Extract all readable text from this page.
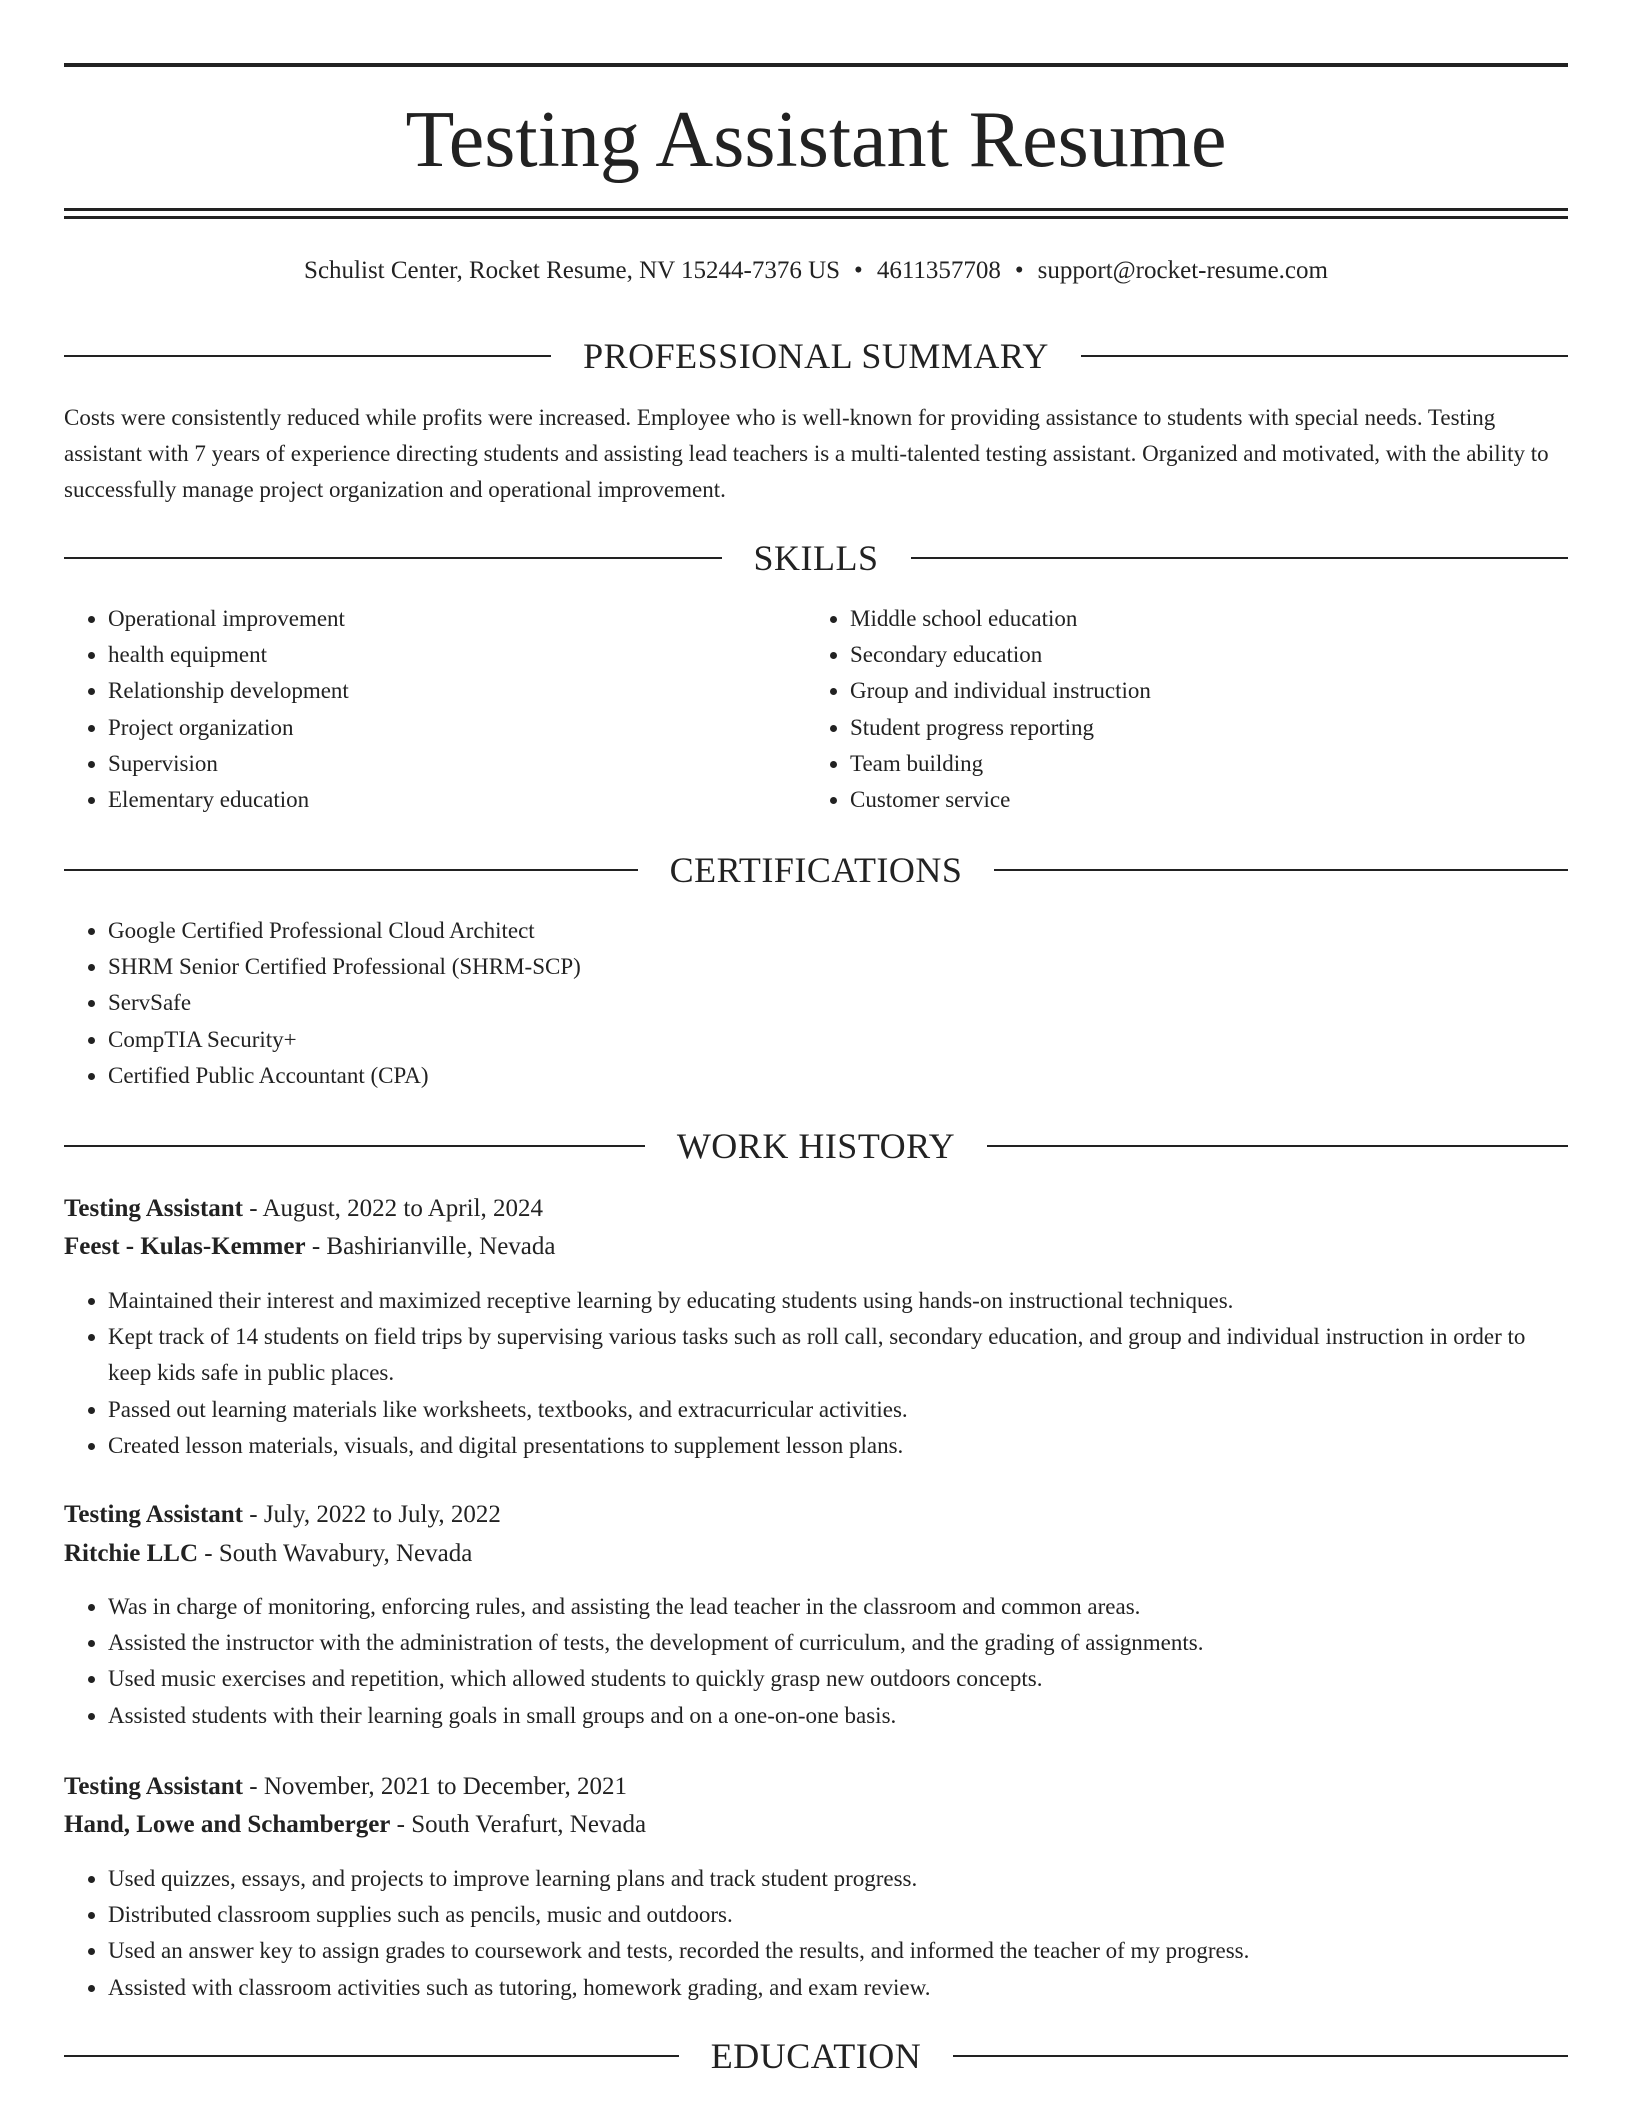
Testing Assistant Resume
Schulist Center, Rocket Resume, NV 15244-7376 US • 4611357708 • support@rocket-resume.com
PROFESSIONAL SUMMARY

Costs were consistently reduced while profits were increased. Employee who is well-known for providing assistance to students with special needs. Testing assistant with 7 years of experience directing students and assisting lead teachers is a multi-talented testing assistant. Organized and motivated, with the ability to successfully manage project organization and operational improvement.

SKILLS
• Operational improvement
• health equipment
• Relationship development
• Project organization
• Supervision
• Elementary education
• Middle school education
• Secondary education
• Group and individual instruction
• Student progress reporting
• Team building
• Customer service
CERTIFICATIONS
• Google Certified Professional Cloud Architect
• SHRM Senior Certified Professional (SHRM-SCP)
• ServSafe
• CompTIA Security+
• Certified Public Accountant (CPA)
WORK HISTORY
Testing Assistant - August, 2022 to April, 2024
Feest - Kulas-Kemmer - Bashirianville, Nevada
• Maintained their interest and maximized receptive learning by educating students using hands-on instructional techniques.
• Kept track of 14 students on field trips by supervising various tasks such as roll call, secondary education, and group and individual instruction in order to keep kids safe in public places.
• Passed out learning materials like worksheets, textbooks, and extracurricular activities.
• Created lesson materials, visuals, and digital presentations to supplement lesson plans.
Testing Assistant - July, 2022 to July, 2022
Ritchie LLC - South Wavabury, Nevada
• Was in charge of monitoring, enforcing rules, and assisting the lead teacher in the classroom and common areas.
• Assisted the instructor with the administration of tests, the development of curriculum, and the grading of assignments.
• Used music exercises and repetition, which allowed students to quickly grasp new outdoors concepts.
• Assisted students with their learning goals in small groups and on a one-on-one basis.
Testing Assistant - November, 2021 to December, 2021
Hand, Lowe and Schamberger - South Verafurt, Nevada
• Used quizzes, essays, and projects to improve learning plans and track student progress.
• Distributed classroom supplies such as pencils, music and outdoors.
• Used an answer key to assign grades to coursework and tests, recorded the results, and informed the teacher of my progress.
• Assisted with classroom activities such as tutoring, homework grading, and exam review.
EDUCATION
